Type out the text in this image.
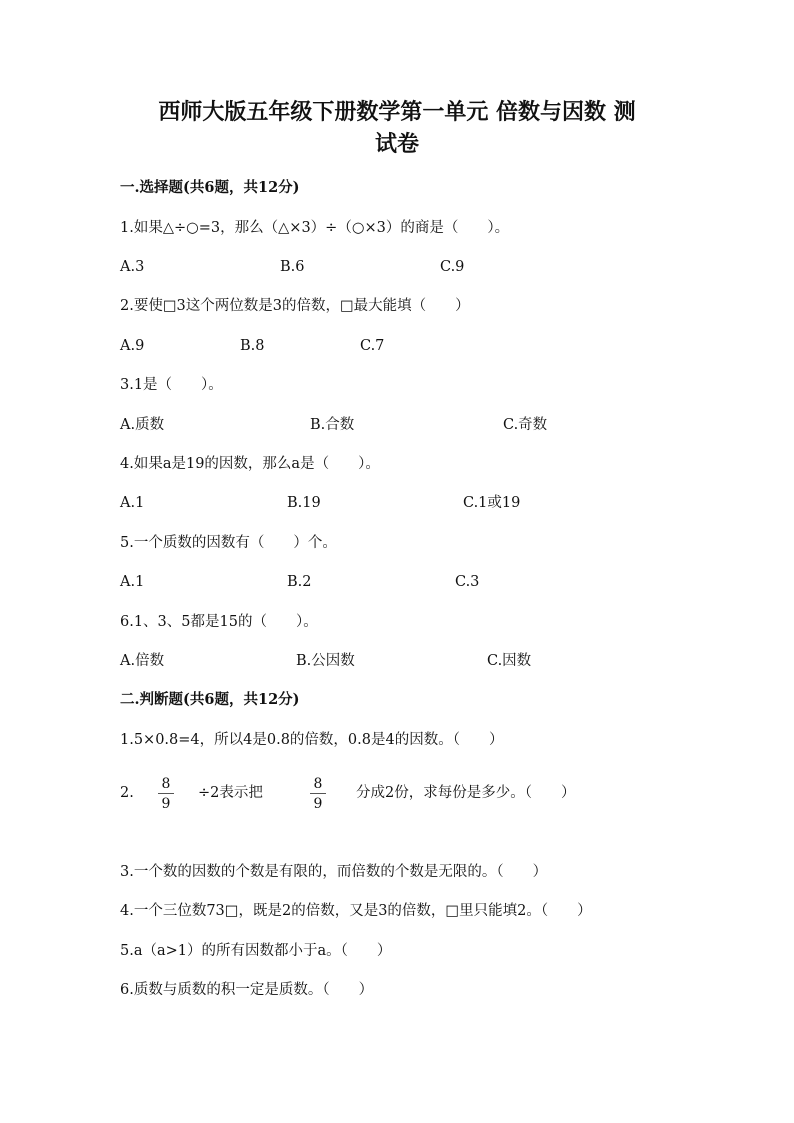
西师大版五年级下册数学第一单元 倍数与因数 测
试卷
一.选择题(共6题，共12分)
1.如果△÷○=3，那么（△×3）÷（○×3）的商是（　　）。
A.3	B.6	C.9
2.要使□3这个两位数是3的倍数，□最大能填（　　）
A.9	B.8	C.7
3.1是（　　）。
A.质数	B.合数	C.奇数
4.如果a是19的因数，那么a是（　　）。
A.1	B.19	C.1或19
5.一个质数的因数有（　　）个。
A.1	B.2	C.3
6.1、3、5都是15的（　　）。
A.倍数	B.公因数	C.因数
二.判断题(共6题，共12分)
1.5×0.8=4，所以4是0.8的倍数，0.8是4的因数。（　　）
2. $\frac{8}{9} \div 2$表示把	$\frac{8}{9}$ 分成2份，求每份是多少。（　　）
3.一个数的因数的个数是有限的，而倍数的个数是无限的。（　　）
4.一个三位数73□，既是2的倍数，又是3的倍数，□里只能填2。（　　）
5.a（a>1）的所有因数都小于a。（　　）
6.质数与质数的积一定是质数。（　　）
